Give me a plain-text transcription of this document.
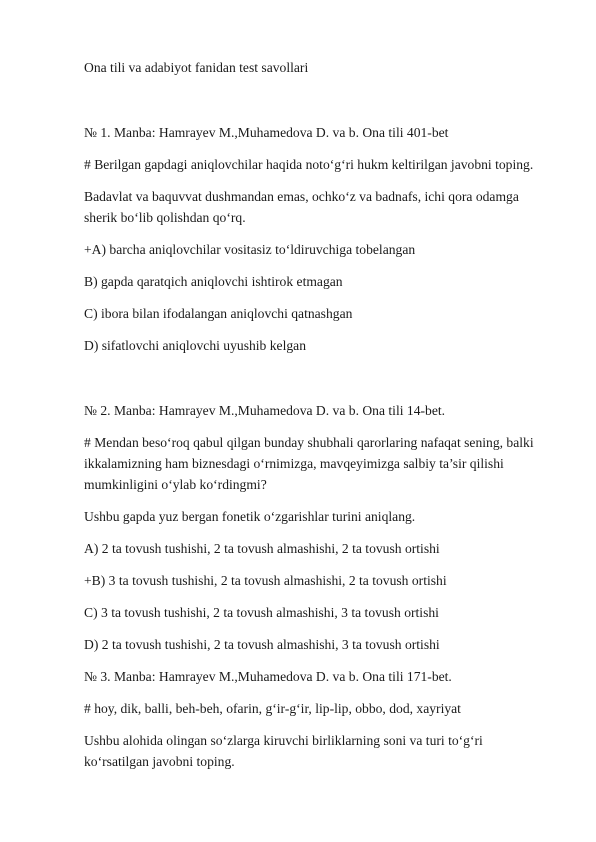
Ona tili va adabiyot fanidan test savollari
№ 1. Manba: Hamrayev M.,Muhamedova D. va b. Ona tili 401-bet
# Berilgan gapdagi aniqlovchilar haqida noto‘g‘ri hukm keltirilgan javobni toping.
Badavlat va baquvvat dushmandan emas, ochko‘z va badnafs, ichi qora odamga
sherik bo‘lib qolishdan qo‘rq.
+A) barcha aniqlovchilar vositasiz to‘ldiruvchiga tobelangan
B) gapda qaratqich aniqlovchi ishtirok etmagan
C) ibora bilan ifodalangan aniqlovchi qatnashgan
D) sifatlovchi aniqlovchi uyushib kelgan
№ 2. Manba: Hamrayev M.,Muhamedova D. va b. Ona tili 14-bet.
# Mendan beso‘roq qabul qilgan bunday shubhali qarorlaring nafaqat sening, balki
ikkalamizning ham biznesdagi o‘rnimizga, mavqeyimizga salbiy ta’sir qilishi
mumkinligini o‘ylab ko‘rdingmi?
Ushbu gapda yuz bergan fonetik o‘zgarishlar turini aniqlang.
A) 2 ta tovush tushishi, 2 ta tovush almashishi, 2 ta tovush ortishi
+B) 3 ta tovush tushishi, 2 ta tovush almashishi, 2 ta tovush ortishi
C) 3 ta tovush tushishi, 2 ta tovush almashishi, 3 ta tovush ortishi
D) 2 ta tovush tushishi, 2 ta tovush almashishi, 3 ta tovush ortishi
№ 3. Manba: Hamrayev M.,Muhamedova D. va b. Ona tili 171-bet.
# hoy, dik, balli, beh-beh, ofarin, g‘ir-g‘ir, lip-lip, obbo, dod, xayriyat
Ushbu alohida olingan so‘zlarga kiruvchi birliklarning soni va turi to‘g‘ri
ko‘rsatilgan javobni toping.
